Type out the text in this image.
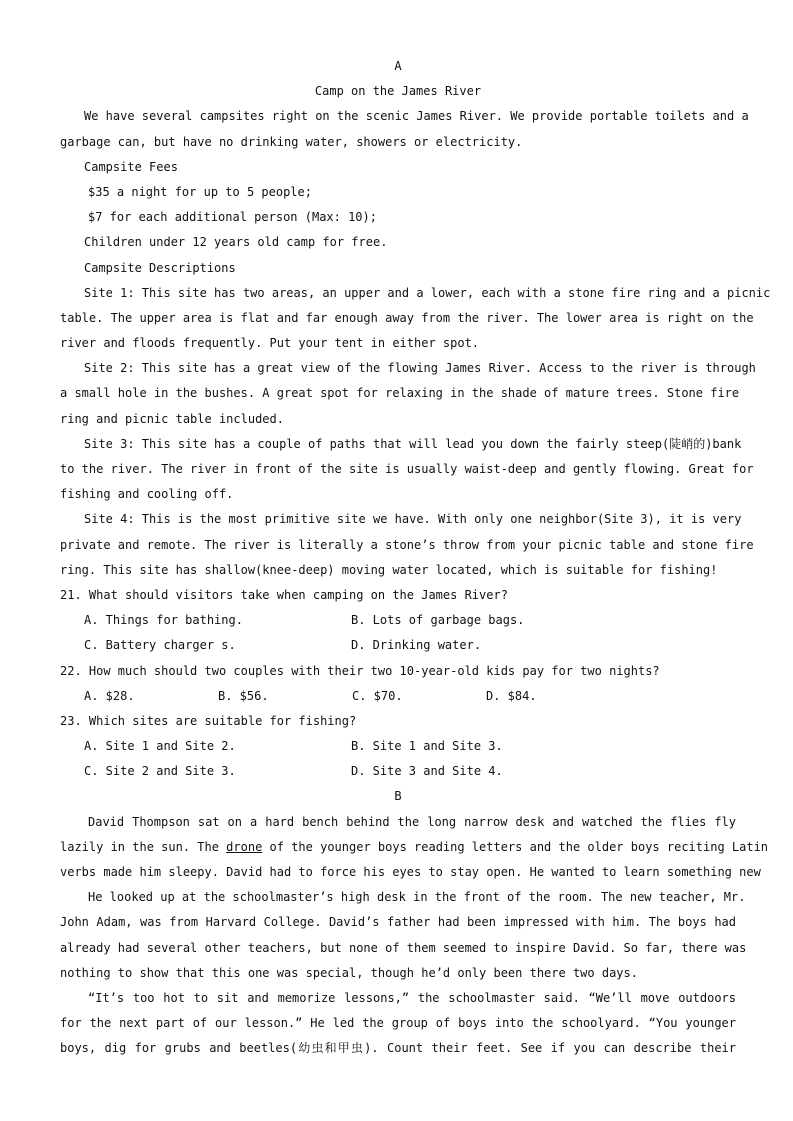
A
Camp on the James River
We have several campsites right on the scenic James River. We provide portable toilets and a
garbage can, but have no drinking water, showers or electricity.
Campsite Fees
$35 a night for up to 5 people;
$7 for each additional person (Max: 10);
Children under 12 years old camp for free.
Campsite Descriptions
Site 1: This site has two areas, an upper and a lower, each with a stone fire ring and a picnic
table. The upper area is flat and far enough away from the river. The lower area is right on the
river and floods frequently. Put your tent in either spot.
Site 2: This site has a great view of the flowing James River. Access to the river is through
a small hole in the bushes. A great spot for relaxing in the shade of mature trees. Stone fire
ring and picnic table included.
Site 3: This site has a couple of paths that will lead you down the fairly steep(陡峭的)bank
to the river. The river in front of the site is usually waist-deep and gently flowing. Great for
fishing and cooling off.
Site 4: This is the most primitive site we have. With only one neighbor(Site 3), it is very
private and remote. The river is literally a stone’s throw from your picnic table and stone fire
ring. This site has shallow(knee-deep) moving water located, which is suitable for fishing!
21. What should visitors take when camping on the James River?
A. Things for bathing.	B. Lots of garbage bags.
C. Battery charger s.	D. Drinking water.
22. How much should two couples with their two 10-year-old kids pay for two nights?
A. $28.	B. $56.	C. $70.	D. $84.
23. Which sites are suitable for fishing?
A. Site 1 and Site 2.	B. Site 1 and Site 3.
C. Site 2 and Site 3.	D. Site 3 and Site 4.
B
David Thompson sat on a hard bench behind the long narrow desk and watched the flies fly
lazily in the sun. The drone of the younger boys reading letters and the older boys reciting Latin
verbs made him sleepy. David had to force his eyes to stay open. He wanted to learn something new
He looked up at the schoolmaster’s high desk in the front of the room. The new teacher, Mr.
John Adam, was from Harvard College. David’s father had been impressed with him. The boys had
already had several other teachers, but none of them seemed to inspire David. So far, there was
nothing to show that this one was special, though he’d only been there two days.
“It’s too hot to sit and memorize lessons,” the schoolmaster said. “We’ll move outdoors
for the next part of our lesson.” He led the group of boys into the schoolyard. “You younger
boys, dig for grubs and beetles(幼虫和甲虫). Count their feet. See if you can describe their
